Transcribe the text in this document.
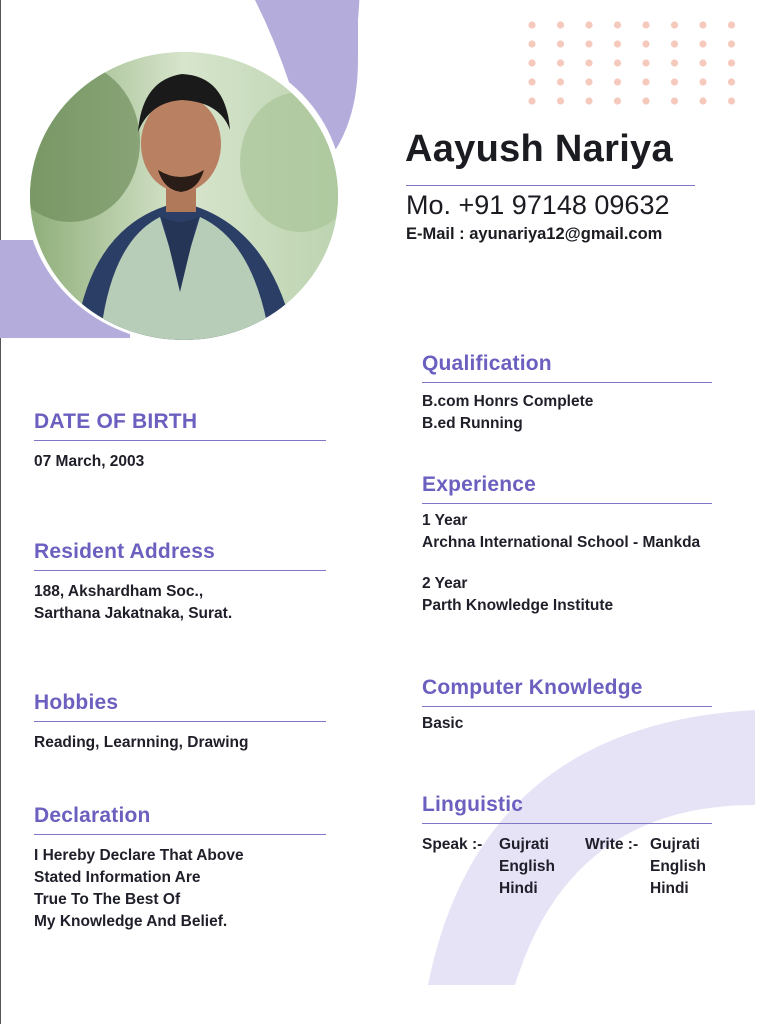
Aayush Nariya
Mo. +91 97148 09632
E-Mail : ayunariya12@gmail.com
DATE OF BIRTH
07 March, 2003
Resident Address
188, Akshardham Soc.,
Sarthana Jakatnaka, Surat.
Hobbies
Reading, Learnning, Drawing
Declaration
I Hereby Declare That Above
Stated Information Are
True To The Best Of
My Knowledge And Belief.
Qualification
B.com Honrs Complete
B.ed Running
Experience
1 Year
Archna International School - Mankda
2 Year
Parth Knowledge Institute
Computer Knowledge
Basic
Linguistic
Speak :-	Gujrati
English
Hindi
Write :- Gujrati
English
Hindi
